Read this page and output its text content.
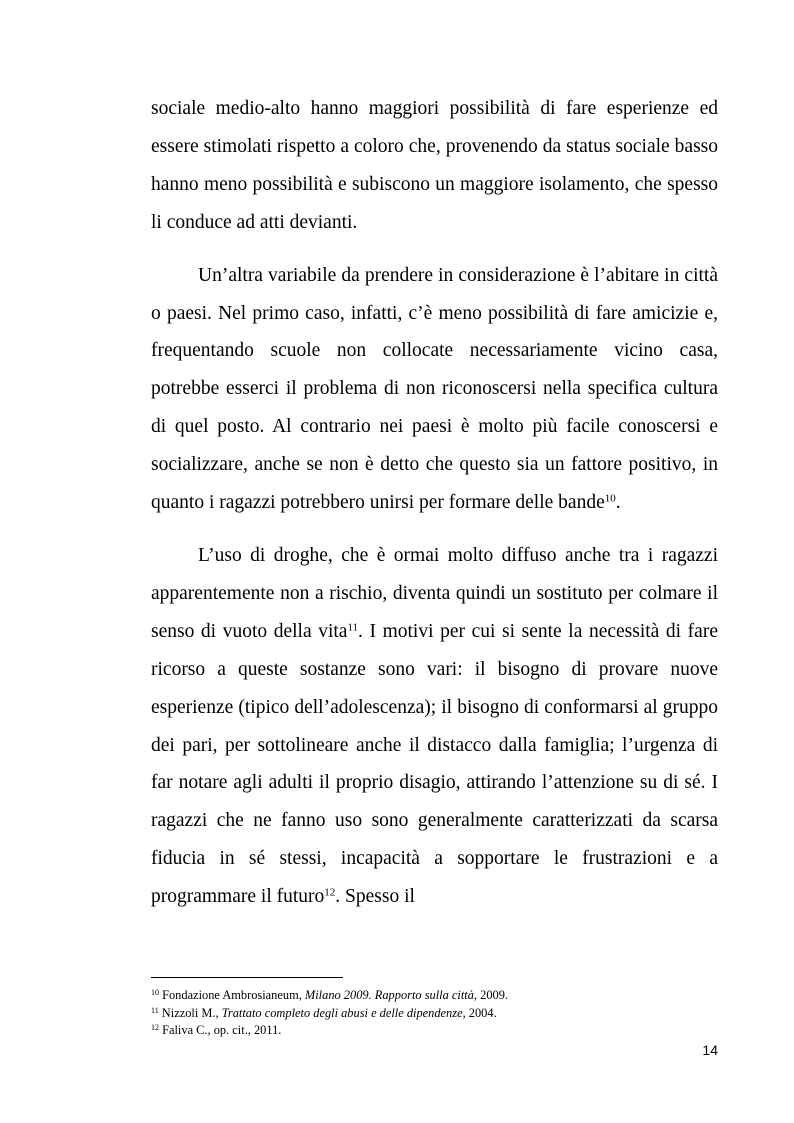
sociale medio-alto hanno maggiori possibilità di fare esperienze ed essere stimolati rispetto a coloro che, provenendo da status sociale basso hanno meno possibilità e subiscono un maggiore isolamento, che spesso li conduce ad atti devianti.

Un’altra variabile da prendere in considerazione è l’abitare in città o paesi. Nel primo caso, infatti, c’è meno possibilità di fare amicizie e, frequentando scuole non collocate necessariamente vicino casa, potrebbe esserci il problema di non riconoscersi nella specifica cultura di quel posto. Al contrario nei paesi è molto più facile conoscersi e socializzare, anche se non è detto che questo sia un fattore positivo, in quanto i ragazzi potrebbero unirsi per formare delle bande$^{10}$.

L’uso di droghe, che è ormai molto diffuso anche tra i ragazzi apparentemente non a rischio, diventa quindi un sostituto per colmare il senso di vuoto della vita$^{11}$. I motivi per cui si sente la necessità di fare ricorso a queste sostanze sono vari: il bisogno di provare nuove esperienze (tipico dell’adolescenza); il bisogno di conformarsi al gruppo dei pari, per sottolineare anche il distacco dalla famiglia; l’urgenza di far notare agli adulti il proprio disagio, attirando l’attenzione su di sé. I ragazzi che ne fanno uso sono generalmente caratterizzati da scarsa fiducia in sé stessi, incapacità a sopportare le frustrazioni e a programmare il futuro$^{12}$. Spesso il

$^{10}$ Fondazione Ambrosianeum, Milano 2009. Rapporto sulla città, 2009.

$^{11}$ Nizzoli M., Trattato completo degli abusi e delle dipendenze, 2004.

$^{12}$ Faliva C., op. cit., 2011.

14
